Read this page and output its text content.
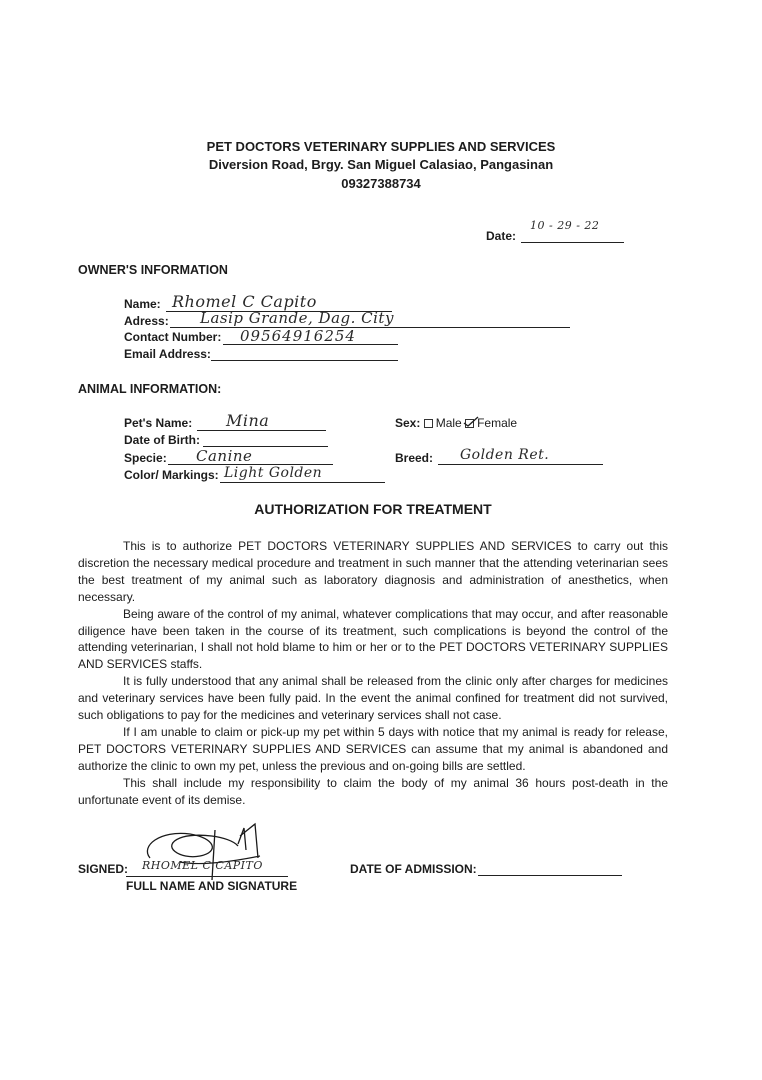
PET DOCTORS VETERINARY SUPPLIES AND SERVICES
Diversion Road, Brgy. San Miguel Calasiao, Pangasinan
09327388734
Date:
10 - 29 - 22
OWNER'S INFORMATION
Name: Rhomel C Capito
Adress: Lasip Grande, Dag. City
Contact Number: 09564916254
Email Address:
ANIMAL INFORMATION:
Pet's Name: Mina
Date of Birth:
Specie: Canine
Color/ Markings: Light Golden
Sex: Male Female
Breed: Golden Ret.
AUTHORIZATION FOR TREATMENT

This is to authorize PET DOCTORS VETERINARY SUPPLIES AND SERVICES to carry out this discretion the necessary medical procedure and treatment in such manner that the attending veterinarian sees the best treatment of my animal such as laboratory diagnosis and administration of anesthetics, when necessary.

Being aware of the control of my animal, whatever complications that may occur, and after reasonable diligence have been taken in the course of its treatment, such complications is beyond the control of the attending veterinarian, I shall not hold blame to him or her or to the PET DOCTORS VETERINARY SUPPLIES AND SERVICES staffs.

It is fully understood that any animal shall be released from the clinic only after charges for medicines and veterinary services have been fully paid. In the event the animal confined for treatment did not survived, such obligations to pay for the medicines and veterinary services shall not case.

If I am unable to claim or pick-up my pet within 5 days with notice that my animal is ready for release, PET DOCTORS VETERINARY SUPPLIES AND SERVICES can assume that my animal is abandoned and authorize the clinic to own my pet, unless the previous and on-going bills are settled.

This shall include my responsibility to claim the body of my animal 36 hours post-death in the unfortunate event of its demise.

SIGNED: RHOMEL C CAPITO
FULL NAME AND SIGNATURE
DATE OF ADMISSION:
